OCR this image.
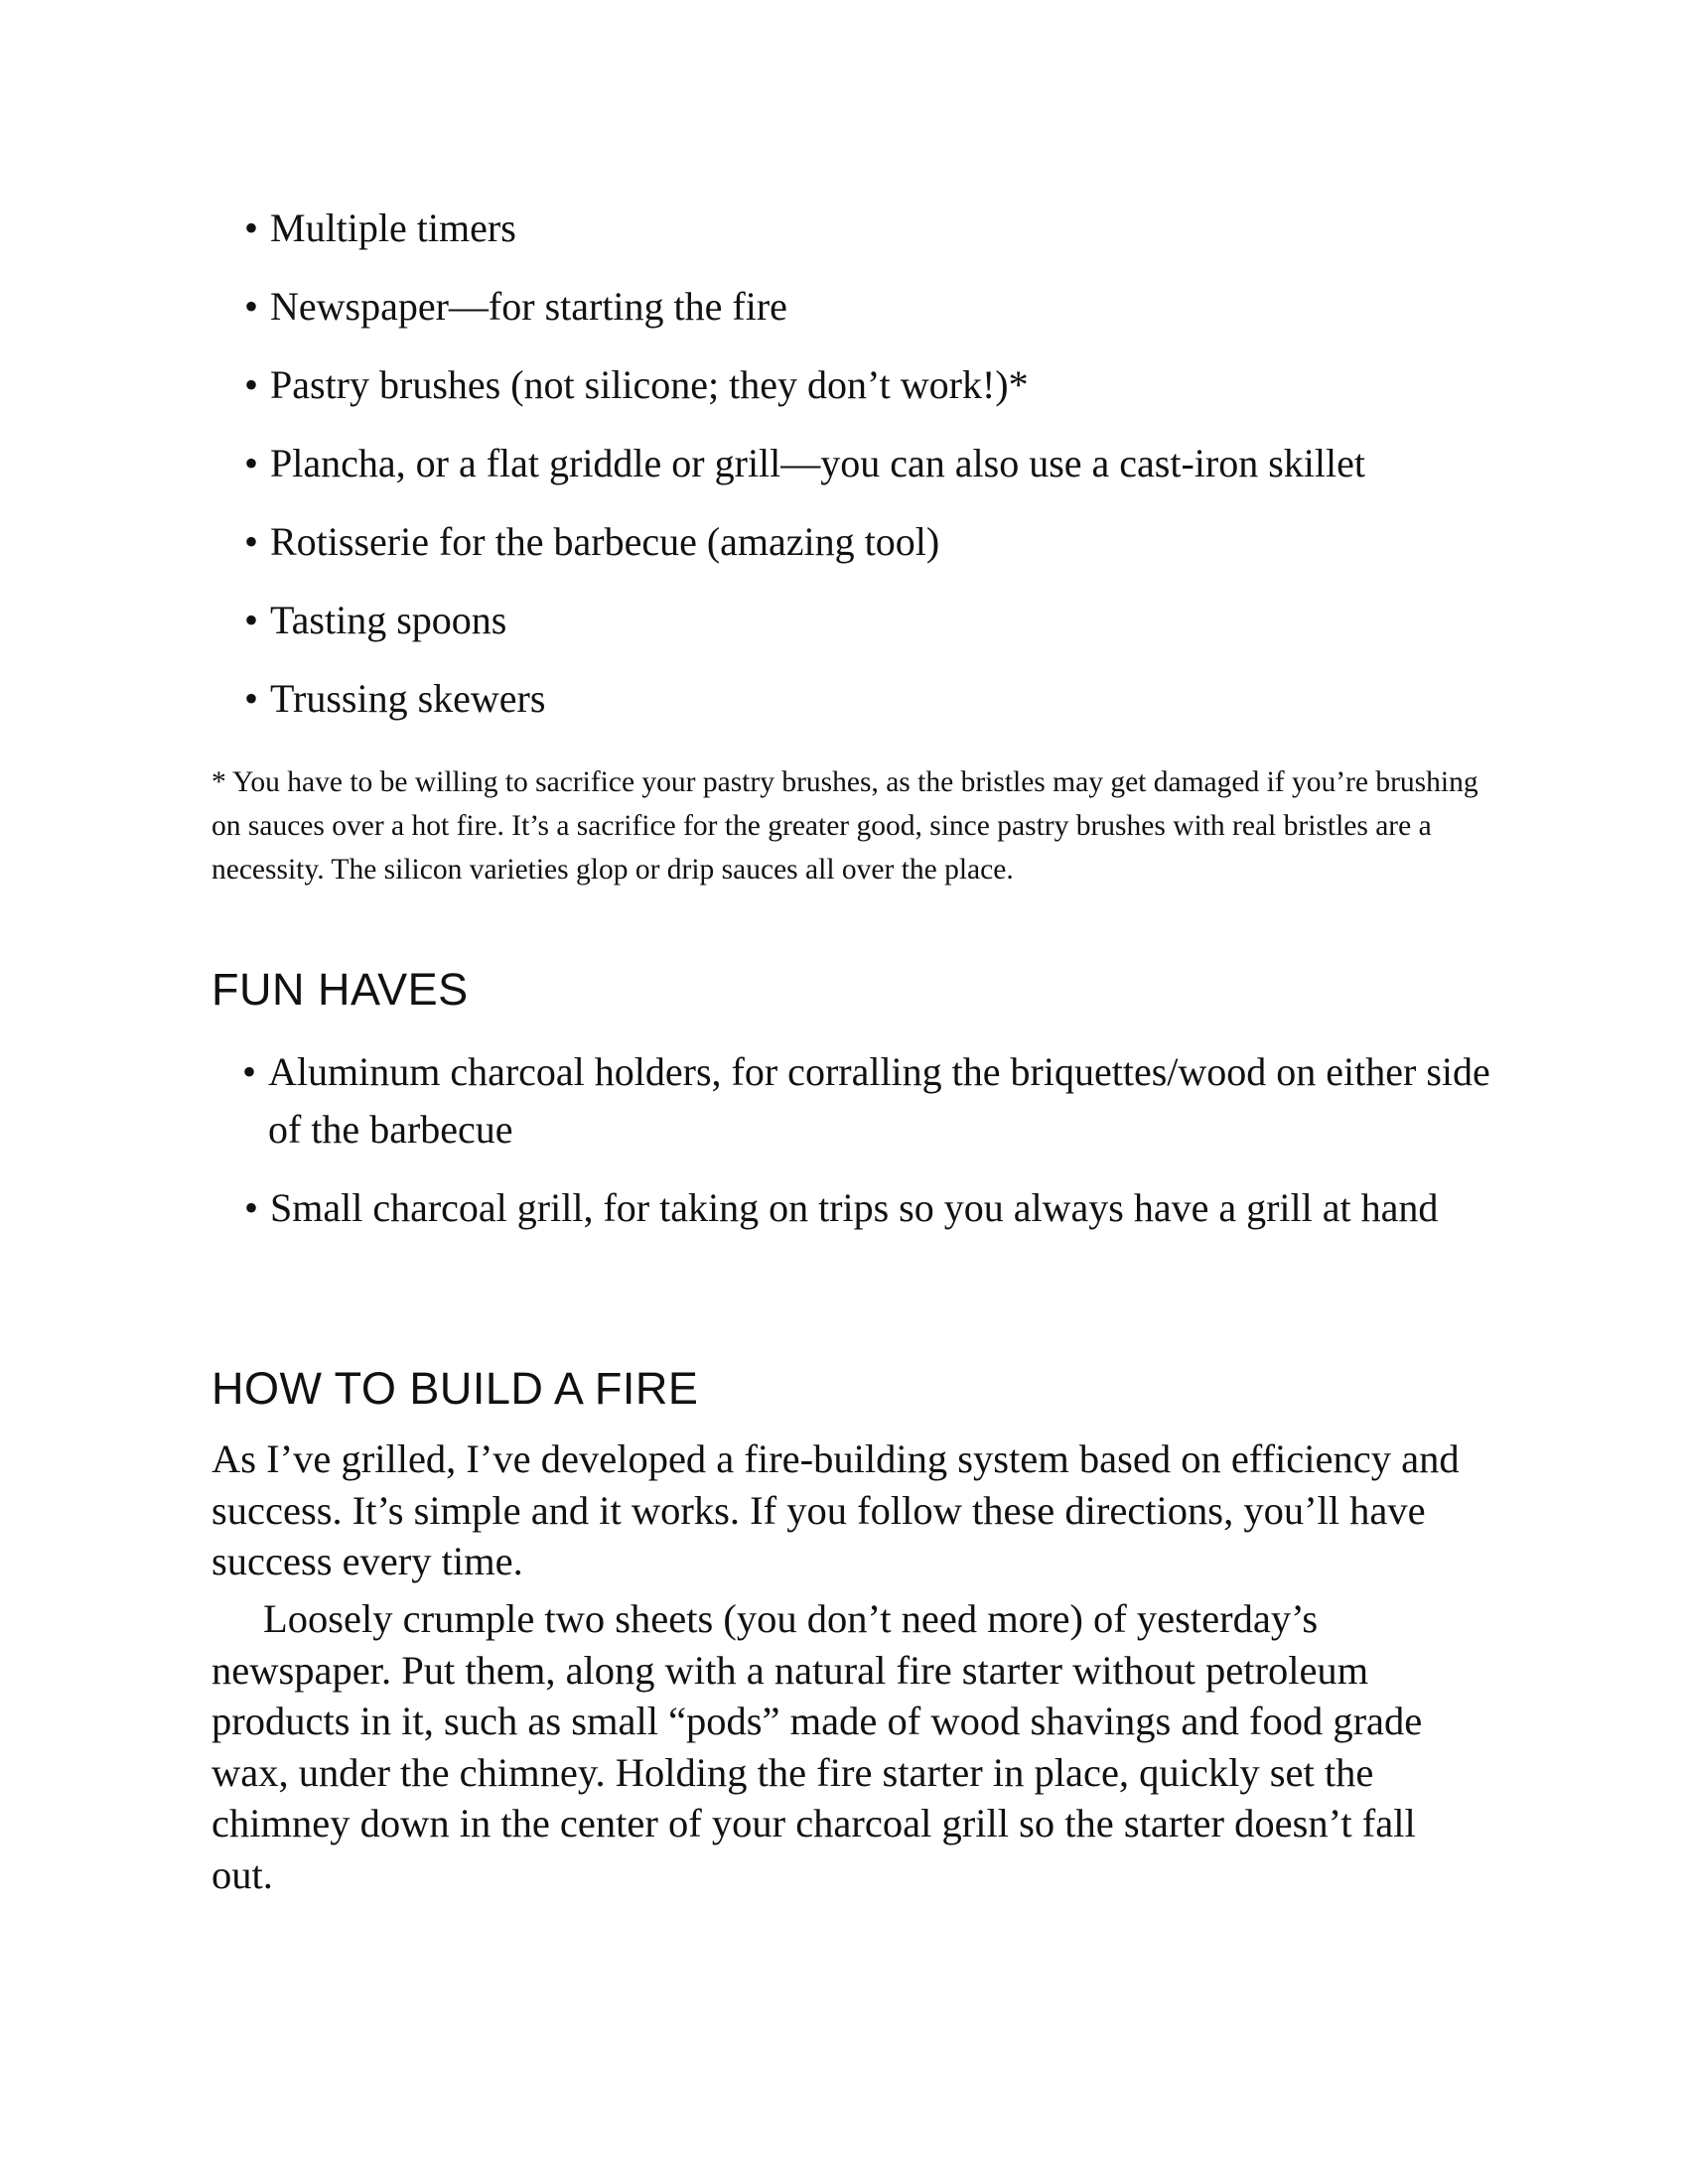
• Multiple timers
• Newspaper—for starting the fire
• Pastry brushes (not silicone; they don’t work!)*
• Plancha, or a flat griddle or grill—you can also use a cast-iron skillet
• Rotisserie for the barbecue (amazing tool)
• Tasting spoons
• Trussing skewers

* You have to be willing to sacrifice your pastry brushes, as the bristles may get damaged if you’re brushing on sauces over a hot fire. It’s a sacrifice for the greater good, since pastry brushes with real bristles are a necessity. The silicon varieties glop or drip sauces all over the place.

FUN HAVES
• Aluminum charcoal holders, for corralling the briquettes/wood on either side of the barbecue
• Small charcoal grill, for taking on trips so you always have a grill at hand
HOW TO BUILD A FIRE

As I’ve grilled, I’ve developed a fire-building system based on efficiency and success. It’s simple and it works. If you follow these directions, you’ll have success every time.

Loosely crumple two sheets (you don’t need more) of yesterday’s newspaper. Put them, along with a natural fire starter without petroleum products in it, such as small “pods” made of wood shavings and food grade wax, under the chimney. Holding the fire starter in place, quickly set the chimney down in the center of your charcoal grill so the starter doesn’t fall out.
